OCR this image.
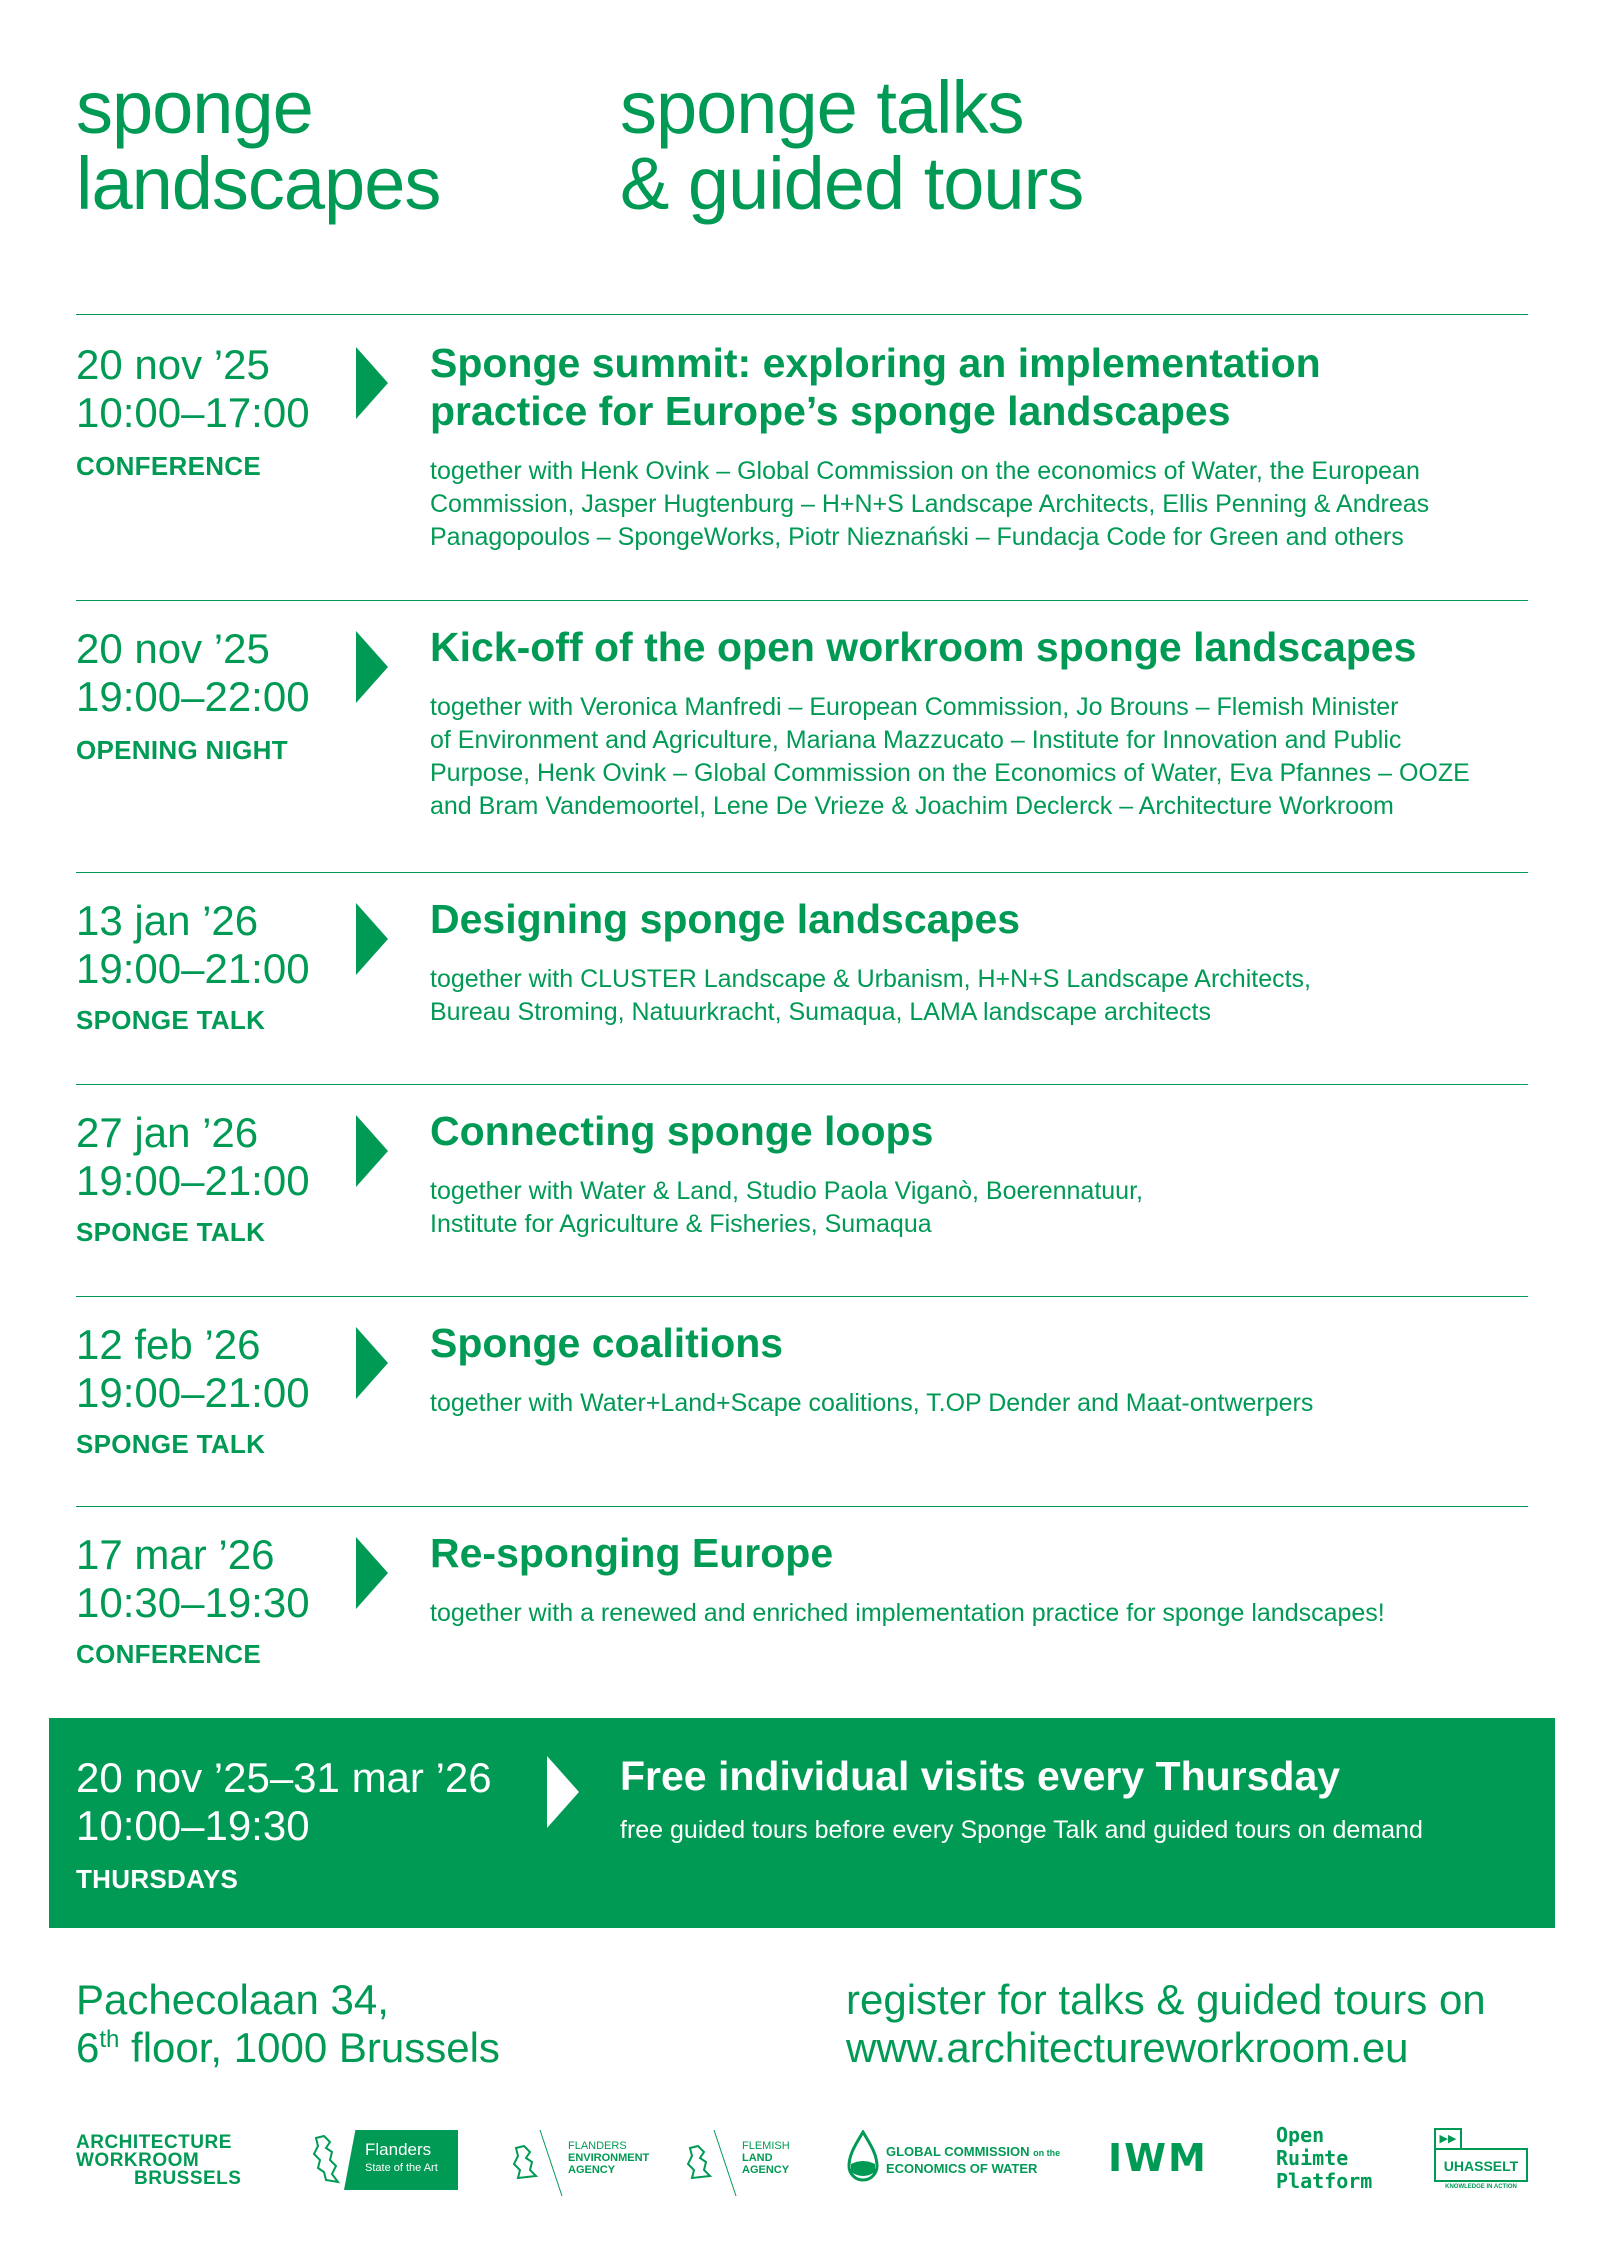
sponge
landscapes
sponge talks
& guided tours
20 nov ’25
10:00–17:00
CONFERENCE
Sponge summit: exploring an implementation
practice for Europe’s sponge landscapes
together with Henk Ovink – Global Commission on the economics of Water, the European
Commission, Jasper Hugtenburg – H+N+S Landscape Architects, Ellis Penning & Andreas
Panagopoulos – SpongeWorks, Piotr Nieznański – Fundacja Code for Green and others
20 nov ’25
19:00–22:00
OPENING NIGHT
Kick-off of the open workroom sponge landscapes
together with Veronica Manfredi – European Commission, Jo Brouns – Flemish Minister
of Environment and Agriculture, Mariana Mazzucato – Institute for Innovation and Public
Purpose, Henk Ovink – Global Commission on the Economics of Water, Eva Pfannes – OOZE
and Bram Vandemoortel, Lene De Vrieze & Joachim Declerck – Architecture Workroom
13 jan ’26
19:00–21:00
SPONGE TALK
Designing sponge landscapes
together with CLUSTER Landscape & Urbanism, H+N+S Landscape Architects,
Bureau Stroming, Natuurkracht, Sumaqua, LAMA landscape architects
27 jan ’26
19:00–21:00
SPONGE TALK
Connecting sponge loops
together with Water & Land, Studio Paola Viganò, Boerennatuur,
Institute for Agriculture & Fisheries, Sumaqua
12 feb ’26
19:00–21:00
SPONGE TALK
Sponge coalitions
together with Water+Land+Scape coalitions, T.OP Dender and Maat-ontwerpers
17 mar ’26
10:30–19:30
CONFERENCE
Re-sponging Europe
together with a renewed and enriched implementation practice for sponge landscapes!
20 nov ’25–31 mar ’26
10:00–19:30
THURSDAYS
Free individual visits every Thursday
free guided tours before every Sponge Talk and guided tours on demand
Pachecolaan 34,
6th floor, 1000 Brussels
register for talks & guided tours on
www.architectureworkroom.eu
ARCHITECTURE
WORKROOM
BRUSSELS
Flanders
State of the Art
FLANDERS
ENVIRONMENT
AGENCY
FLEMISH
LAND
AGENCY
GLOBAL COMMISSION on the
ECONOMICS OF WATER	IWM
Open
Ruimte
Platform
▶▶
UHASSELT
KNOWLEDGE IN ACTION
